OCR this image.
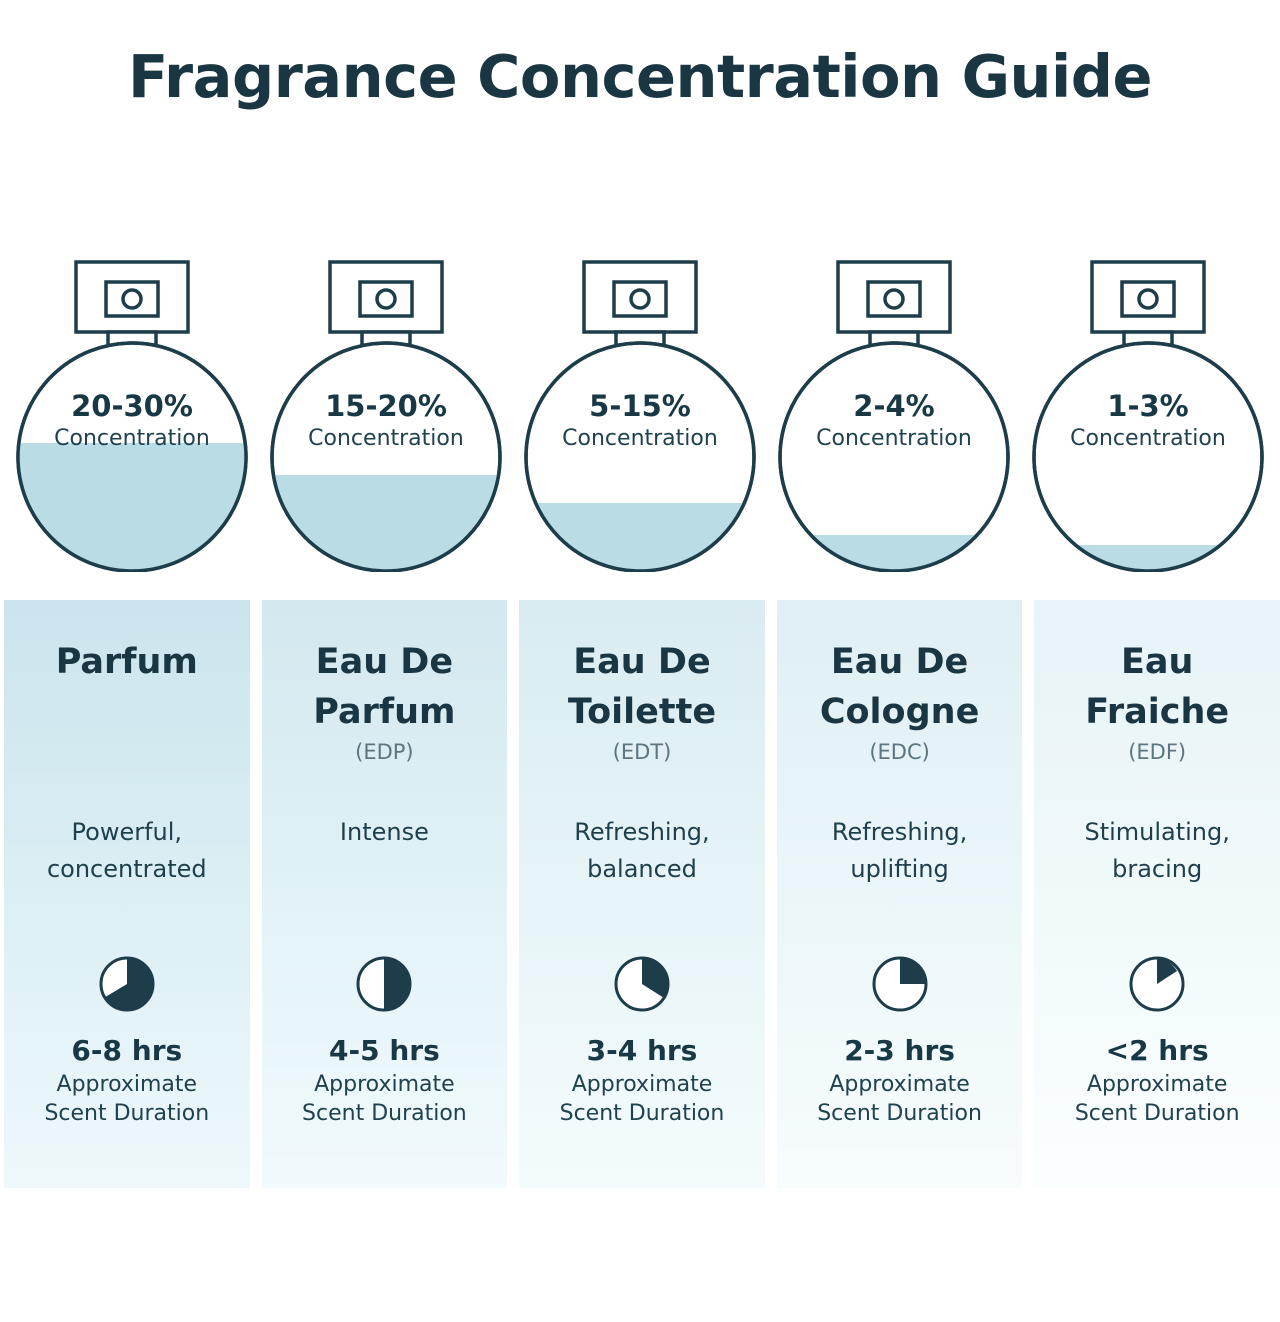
Fragrance Concentration Guide
20-30%
Concentration
15-20%
Concentration
5-15%
Concentration
2-4%
Concentration
1-3%
Concentration
Parfum
Powerful,
concentrated
6-8 hrs
Approximate
Scent Duration
Eau De
Parfum
(EDP)
Intense
4-5 hrs
Approximate
Scent Duration
Eau De
Toilette
(EDT)
Refreshing,
balanced
3-4 hrs
Approximate
Scent Duration
Eau De
Cologne
(EDC)
Refreshing,
uplifting
2-3 hrs
Approximate
Scent Duration
Eau
Fraiche
(EDF)
Stimulating,
bracing
<2 hrs
Approximate
Scent Duration
